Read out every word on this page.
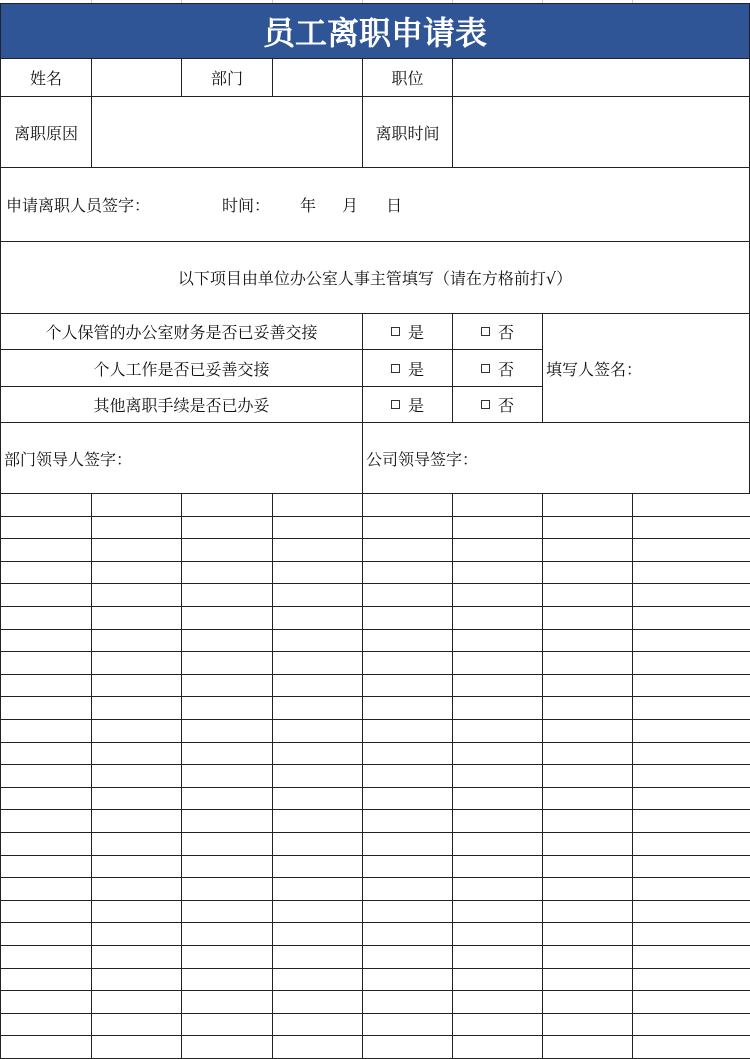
员工离职申请表
姓名	部门	职位
离职原因	离职时间
申请离职人员签字：	时间： 年 月 日
以下项目由单位办公室人事主管填写（请在方格前打√）
个人保管的办公室财务是否已妥善交接	是	否
个人工作是否已妥善交接	是	否
其他离职手续是否已办妥	是	否
填写人签名：
部门领导人签字：	公司领导签字：
